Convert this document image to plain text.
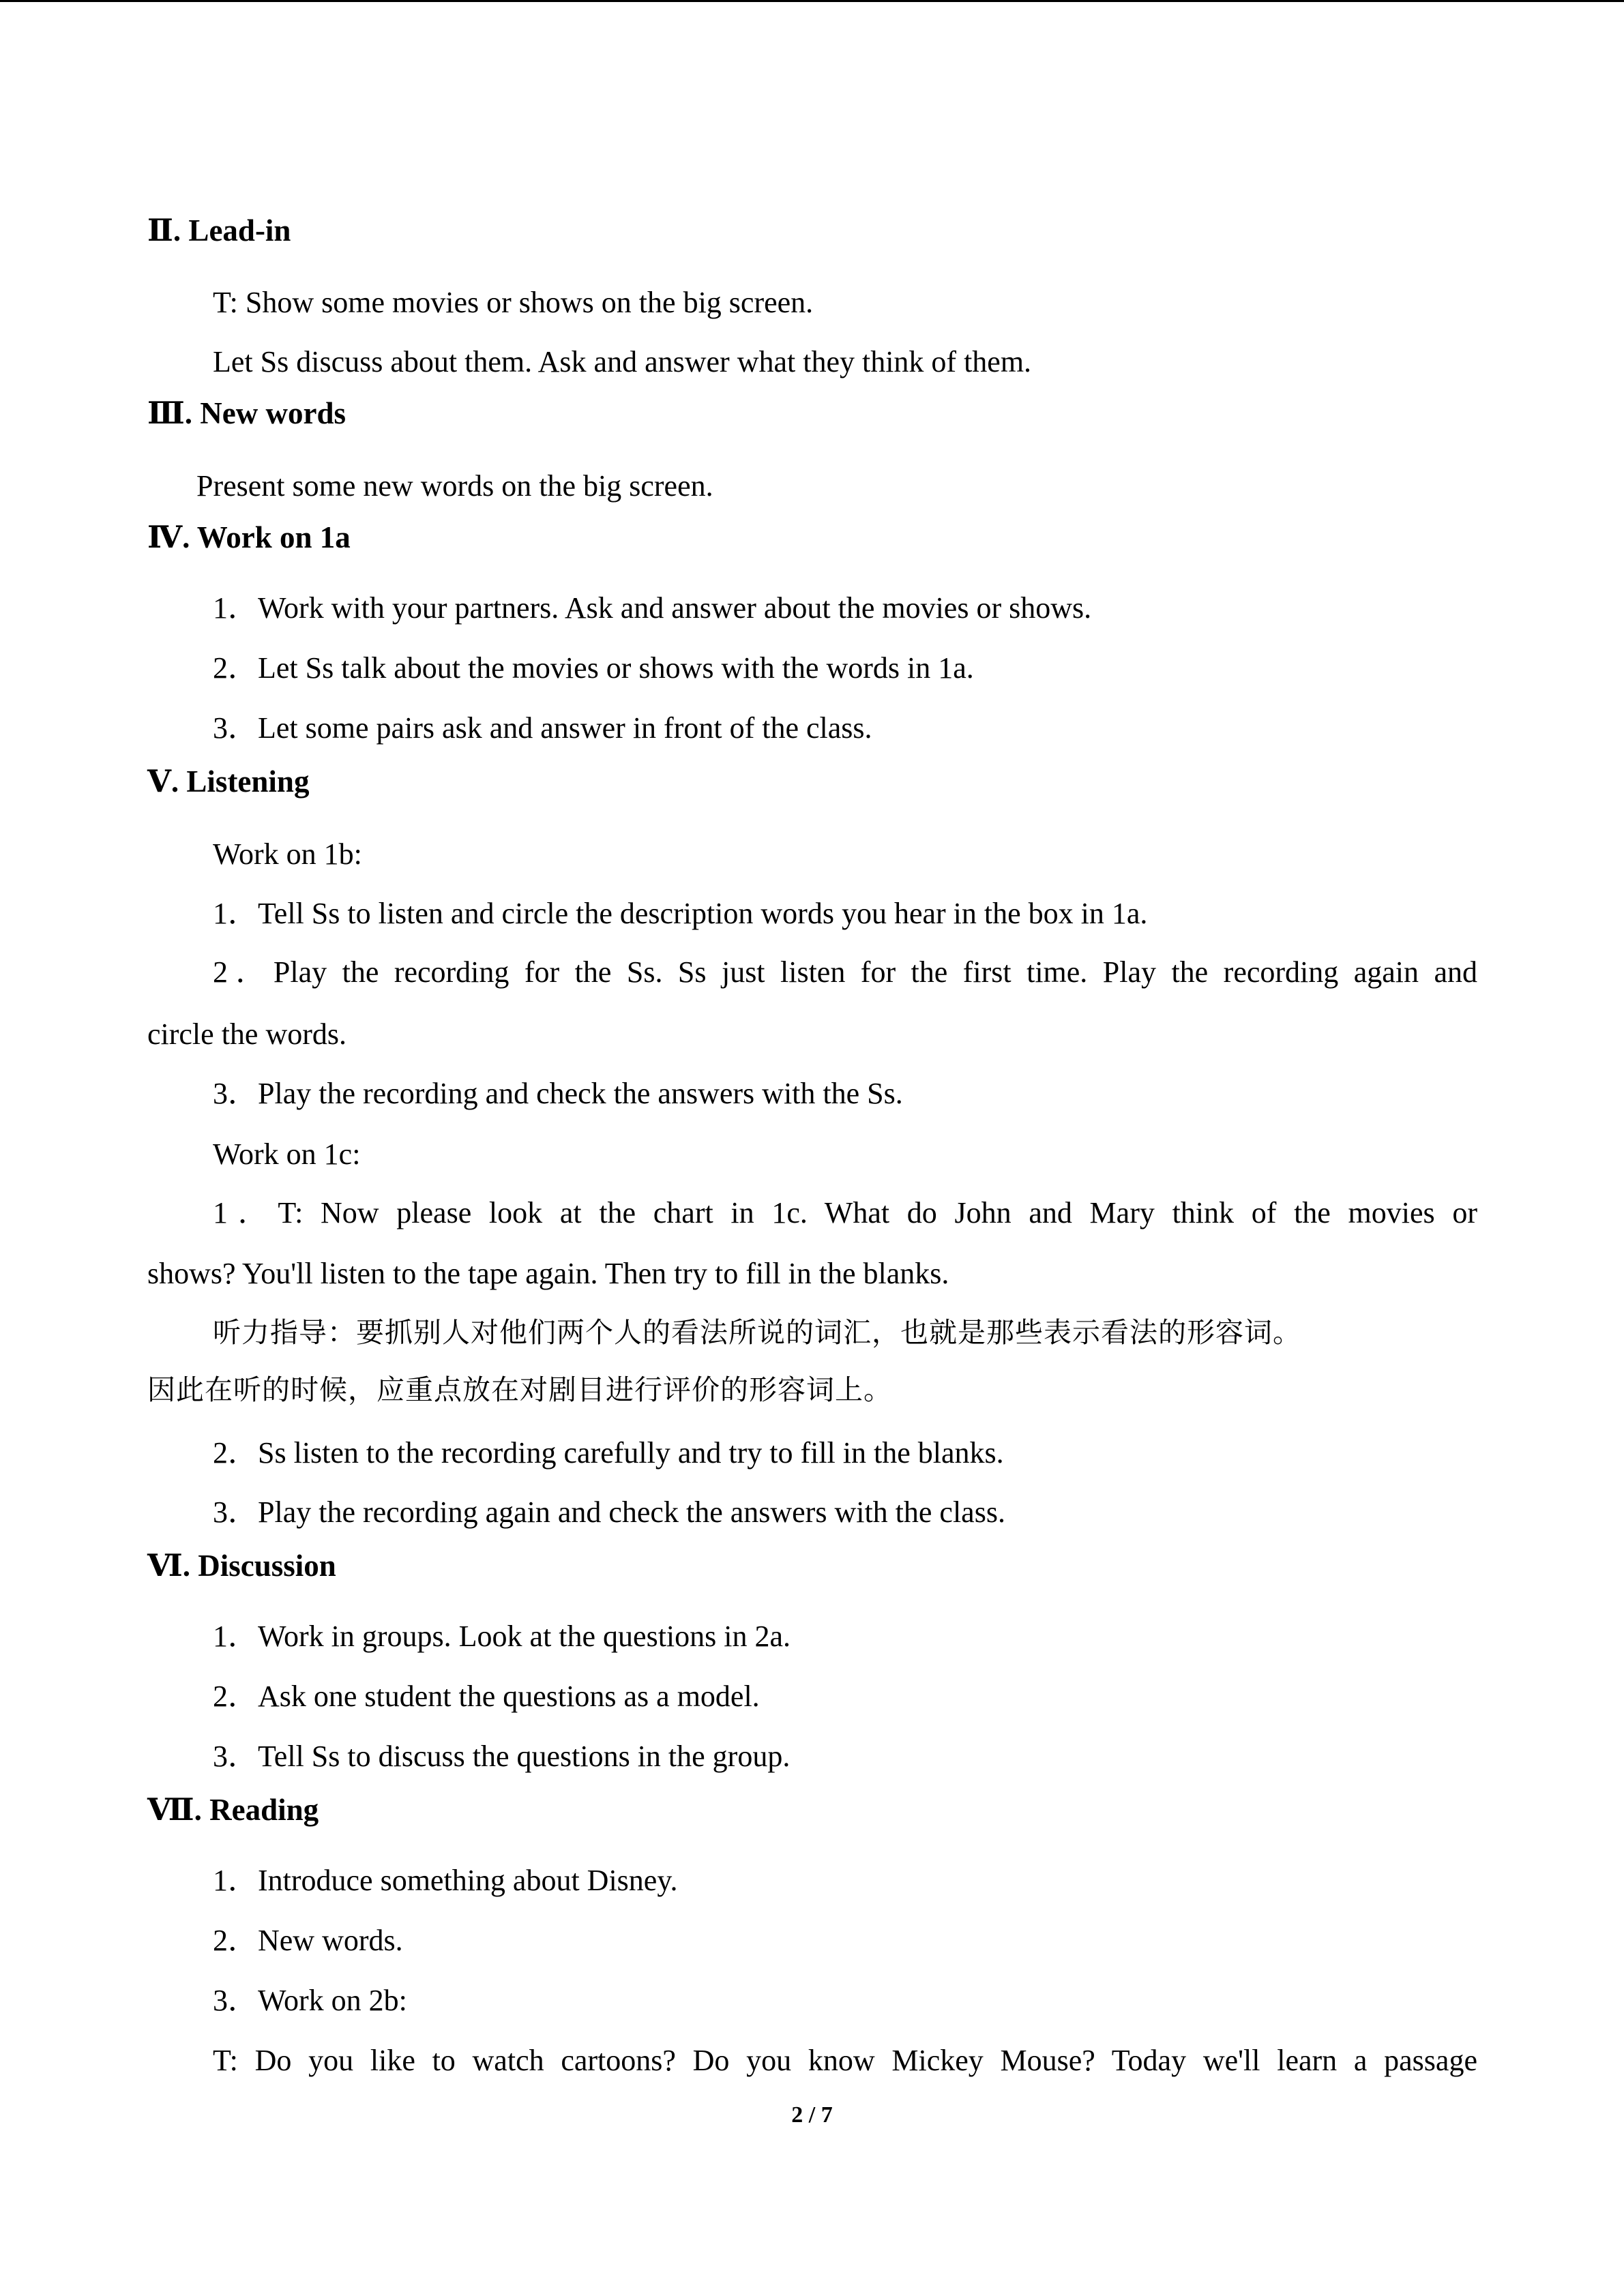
Ⅱ. Lead-in
T: Show some movies or shows on the big screen.
Let Ss discuss about them. Ask and answer what they think of them.
Ⅲ. New words
Present some new words on the big screen.
Ⅳ. Work on 1a
1．Work with your partners. Ask and answer about the movies or shows.
2．Let Ss talk about the movies or shows with the words in 1a.
3．Let some pairs ask and answer in front of the class.
Ⅴ. Listening
Work on 1b:
1．Tell Ss to listen and circle the description words you hear in the box in 1a.
2．Play the recording for the Ss. Ss just listen for the first time. Play the recording again and
circle the words.
3．Play the recording and check the answers with the Ss.
Work on 1c:
1．T: Now please look at the chart in 1c. What do John and Mary think of the movies or
shows? You'll listen to the tape again. Then try to fill in the blanks.
听力指导：要抓别人对他们两个人的看法所说的词汇，也就是那些表示看法的形容词。
因此在听的时候，应重点放在对剧目进行评价的形容词上。
2．Ss listen to the recording carefully and try to fill in the blanks.
3．Play the recording again and check the answers with the class.
Ⅵ. Discussion
1．Work in groups. Look at the questions in 2a.
2．Ask one student the questions as a model.
3．Tell Ss to discuss the questions in the group.
Ⅶ. Reading
1．Introduce something about Disney.
2．New words.
3．Work on 2b:
T: Do you like to watch cartoons? Do you know Mickey Mouse? Today we'll learn a passage
2 / 7
